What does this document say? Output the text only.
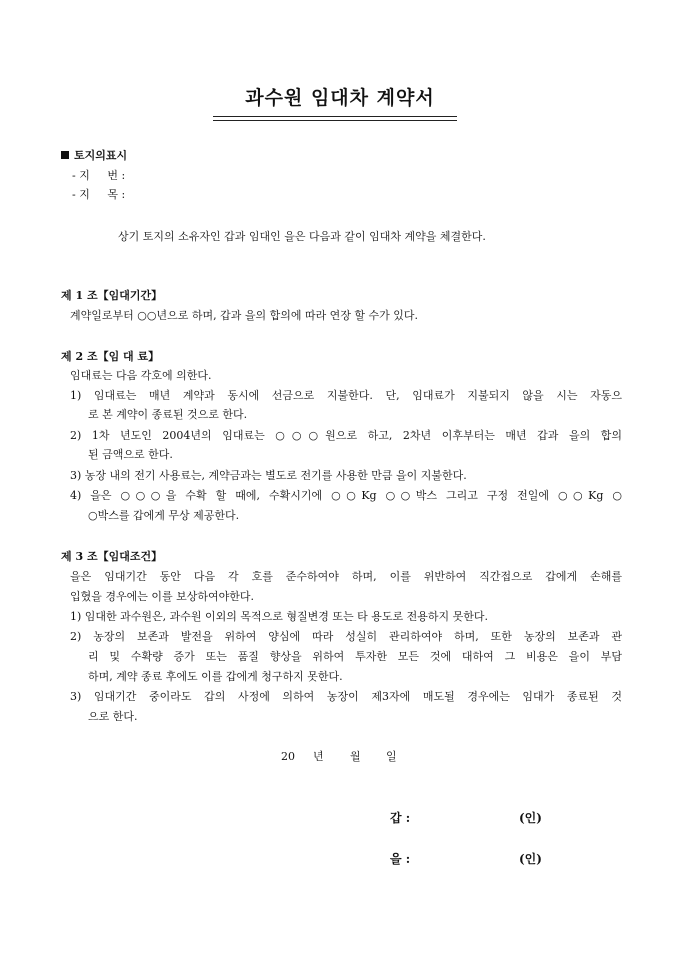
과수원 임대차 계약서
토지의표시
- 지     번 :
- 지     목 :
상기 토지의 소유자인 갑과 임대인 을은 다음과 같이 임대차 계약을 체결한다.
제 1 조【임대기간】
계약일로부터 ○○년으로 하며, 갑과 을의 합의에 따라 연장 할 수가 있다.
제 2 조【임 대 료】
임대료는 다음 각호에 의한다.
1) 임대료는 매년 계약과 동시에 선금으로 지불한다. 단, 임대료가 지불되지 않을 시는 자동으
로 본 계약이 종료된 것으로 한다.
2) 1차 년도인 2004년의 임대료는 ○○○원으로 하고, 2차년 이후부터는 매년 갑과 을의 합의
된 금액으로 한다.
3) 농장 내의 전기 사용료는, 계약금과는 별도로 전기를 사용한 만큼 을이 지불한다.
4) 을은 ○○○을 수확 할 때에, 수확시기에 ○○Kg ○○박스 그리고 구정 전일에 ○○Kg ○
○박스를 갑에게 무상 제공한다.
제 3 조【임대조건】
을은 임대기간 동안 다음 각 호를 준수하여야 하며, 이를 위반하여 직간접으로 갑에게 손해를
입혔을 경우에는 이를 보상하여야한다.
1) 임대한 과수원은, 과수원 이외의 목적으로 형질변경 또는 타 용도로 전용하지 못한다.
2) 농장의 보존과 발전을 위하여 양심에 따라 성실히 관리하여야 하며, 또한 농장의 보존과 관
리 및 수확량 증가 또는 품질 향상을 위하여 투자한 모든 것에 대하여 그 비용은 을이 부담
하며, 계약 종료 후에도 이를 갑에게 청구하지 못한다.
3) 임대기간 중이라도 갑의 사정에 의하여 농장이 제3자에 매도될 경우에는 임대가 종료된 것
으로 한다.
20 년 월 일
갑 :	(인)
을 :	(인)
